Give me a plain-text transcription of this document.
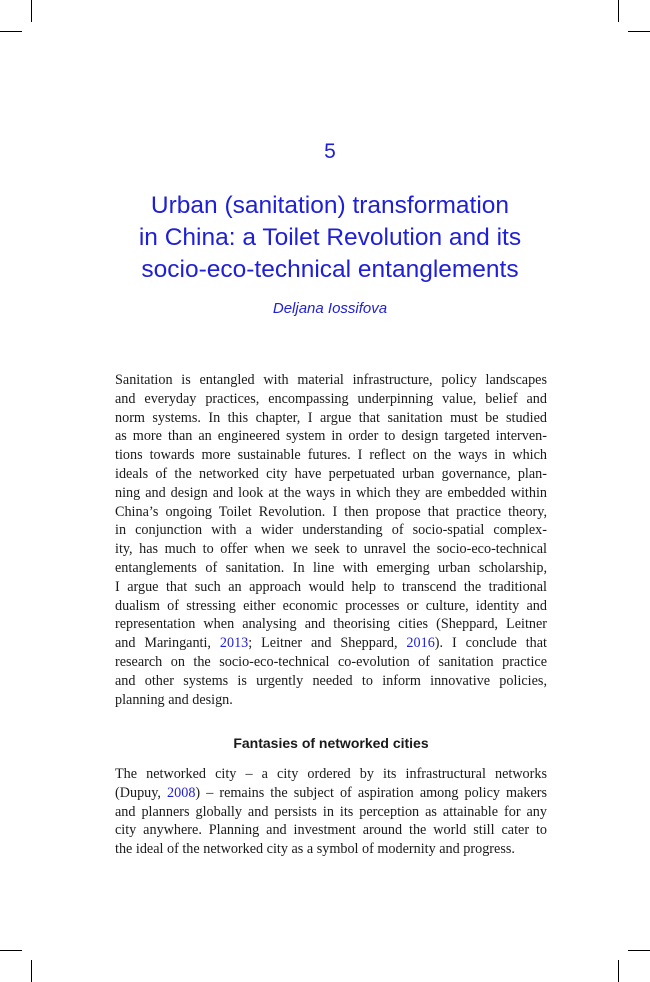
5
Urban (sanitation) transformation
in China: a Toilet Revolution and its
socio-eco-technical entanglements
Deljana Iossifova
Sanitation is entangled with material infrastructure, policy landscapes
and everyday practices, encompassing underpinning value, belief and
norm systems. In this chapter, I argue that sanitation must be studied
as more than an engineered system in order to design targeted interven-
tions towards more sustainable futures. I reflect on the ways in which
ideals of the networked city have perpetuated urban governance, plan-
ning and design and look at the ways in which they are embedded within
China’s ongoing Toilet Revolution. I then propose that practice theory,
in conjunction with a wider understanding of socio-spatial complex-
ity, has much to offer when we seek to unravel the socio-eco-technical
entanglements of sanitation. In line with emerging urban scholarship,
I argue that such an approach would help to transcend the traditional
dualism of stressing either economic processes or culture, identity and
representation when analysing and theorising cities (Sheppard, Leitner
and Maringanti, 2013; Leitner and Sheppard, 2016). I conclude that
research on the socio-eco-technical co-evolution of sanitation practice
and other systems is urgently needed to inform innovative policies,
planning and design.
Fantasies of networked cities
The networked city – a city ordered by its infrastructural networks
(Dupuy, 2008) – remains the subject of aspiration among policy makers
and planners globally and persists in its perception as attainable for any
city anywhere. Planning and investment around the world still cater to
the ideal of the networked city as a symbol of modernity and progress.
